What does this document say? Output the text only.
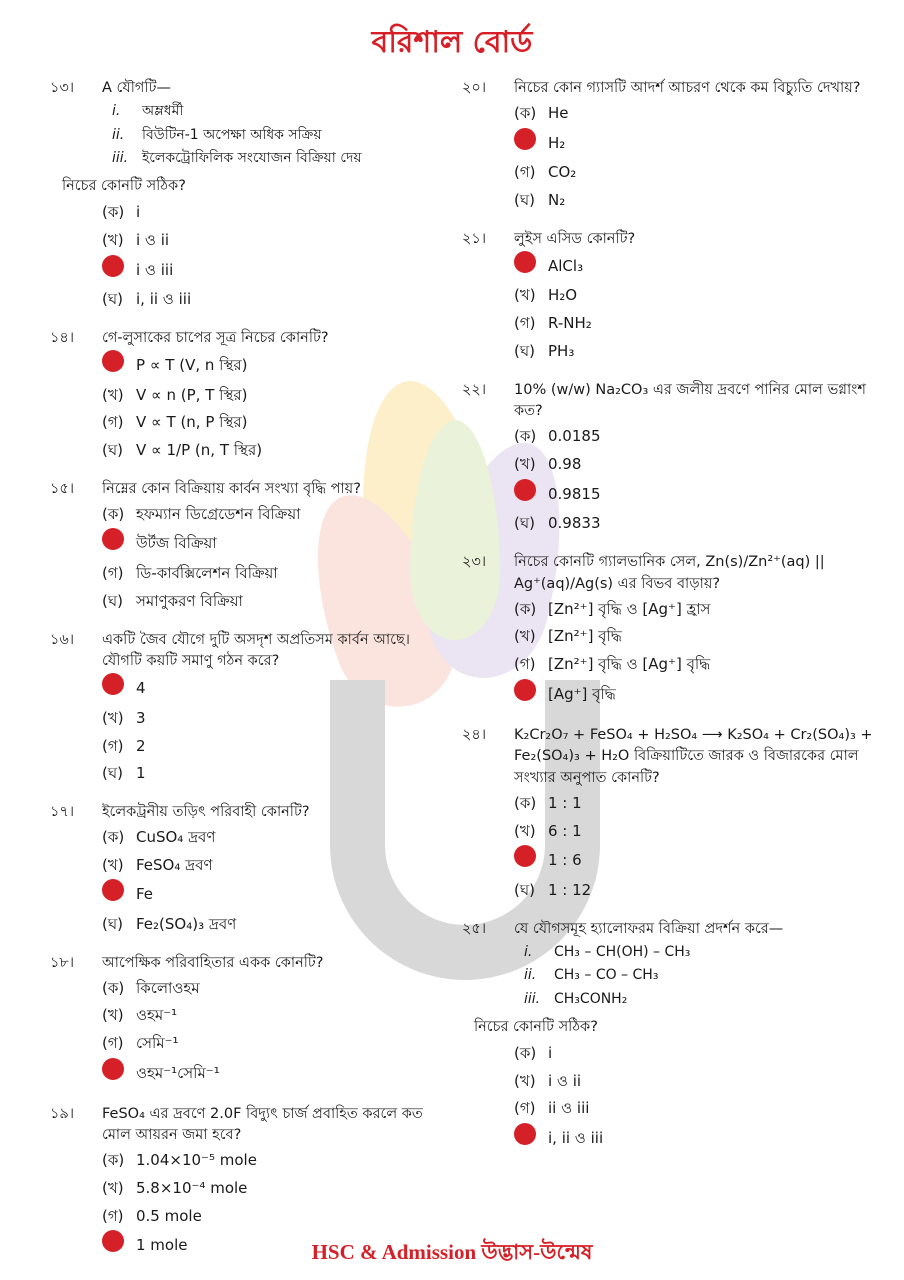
বরিশাল বোর্ড
১৩।	A যৌগটি—
i.	অম্লধর্মী
ii.	বিউটিন-1 অপেক্ষা অধিক সক্রিয়
iii. ইলেকট্রোফিলিক সংযোজন বিক্রিয়া দেয়
নিচের কোনটি সঠিক?
(ক) i
(খ) i ও ii
i ও iii
(ঘ) i, ii ও iii
১৪।	গে-লুসাকের চাপের সূত্র নিচের কোনটি?
P ∝ T (V, n স্থির)
(খ) V ∝ n (P, T স্থির)
(গ) V ∝ T (n, P স্থির)
(ঘ) V ∝ 1/P (n, T স্থির)
১৫।	নিম্নের কোন বিক্রিয়ায় কার্বন সংখ্যা বৃদ্ধি পায়?
(ক) হফম্যান ডিগ্রেডেশন বিক্রিয়া
উর্টজ বিক্রিয়া
(গ) ডি-কার্বক্সিলেশন বিক্রিয়া
(ঘ) সমাণুকরণ বিক্রিয়া
১৬।	একটি জৈব যৌগে দুটি অসদৃশ অপ্রতিসম কার্বন আছে। যৌগটি কয়টি সমাণু গঠন করে?
4
(খ) 3
(গ) 2
(ঘ) 1
১৭।	ইলেকট্রনীয় তড়িৎ পরিবাহী কোনটি?
(ক) CuSO₄ দ্রবণ
(খ) FeSO₄ দ্রবণ
Fe
(ঘ) Fe₂(SO₄)₃ দ্রবণ
১৮।	আপেক্ষিক পরিবাহিতার একক কোনটি?
(ক) কিলোওহম
(খ) ওহম⁻¹
(গ) সেমি⁻¹
ওহম⁻¹সেমি⁻¹
১৯।	FeSO₄ এর দ্রবণে 2.0F বিদ্যুৎ চার্জ প্রবাহিত করলে কত মোল আয়রন জমা হবে?
(ক) 1.04×10⁻⁵ mole
(খ) 5.8×10⁻⁴ mole
(গ) 0.5 mole
1 mole
২০।	নিচের কোন গ্যাসটি আদর্শ আচরণ থেকে কম বিচ্যুতি দেখায়?
(ক) He
H₂
(গ) CO₂
(ঘ) N₂
২১।	লুইস এসিড কোনটি?
AlCl₃
(খ) H₂O
(গ) R-NH₂
(ঘ) PH₃
২২।	10% (w/w) Na₂CO₃ এর জলীয় দ্রবণে পানির মোল ভগ্নাংশ কত?
(ক) 0.0185
(খ) 0.98
0.9815
(ঘ) 0.9833
২৩।	নিচের কোনটি গ্যালভানিক সেল, Zn(s)/Zn²⁺(aq) || Ag⁺(aq)/Ag(s) এর বিভব বাড়ায়?
(ক) [Zn²⁺] বৃদ্ধি ও [Ag⁺] হ্রাস
(খ) [Zn²⁺] বৃদ্ধি
(গ) [Zn²⁺] বৃদ্ধি ও [Ag⁺] বৃদ্ধি
[Ag⁺] বৃদ্ধি
২৪।	K₂Cr₂O₇ + FeSO₄ + H₂SO₄ ⟶ K₂SO₄ + Cr₂(SO₄)₃ + Fe₂(SO₄)₃ + H₂O বিক্রিয়াটিতে জারক ও বিজারকের মোল সংখ্যার অনুপাত কোনটি?
(ক) 1 : 1
(খ) 6 : 1
1 : 6
(ঘ) 1 : 12
২৫।	যে যৌগসমূহ হ্যালোফরম বিক্রিয়া প্রদর্শন করে—
i.	CH₃ – CH(OH) – CH₃
ii.	CH₃ – CO – CH₃
iii. CH₃CONH₂
নিচের কোনটি সঠিক?
(ক) i
(খ) i ও ii
(গ) ii ও iii
i, ii ও iii
HSC & Admission উদ্ভাস-উন্মেষ
